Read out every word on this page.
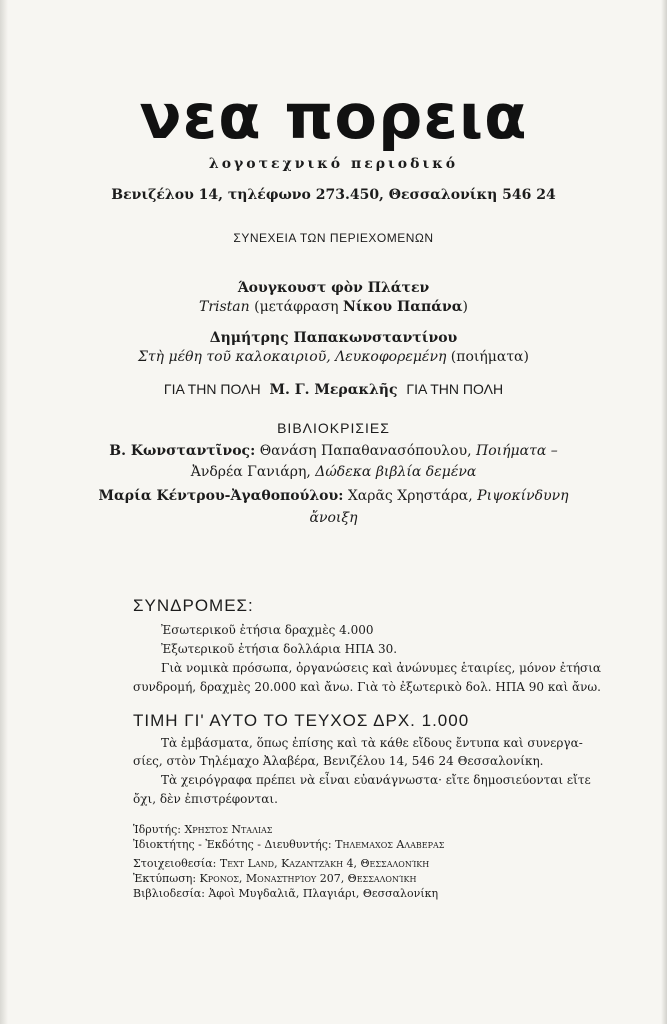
νεα πορεια
λογοτεχνικό περιοδικό
Βενιζέλου 14, τηλέφωνο 273.450, Θεσσαλονίκη 546 24
ΣΥΝΕΧΕΙΑ ΤΩΝ ΠΕΡΙΕΧΟΜΕΝΩΝ
Άουγκουστ φὸν Πλάτεν
Tristan (μετάφραση Νίκου Παπάνα)
Δημήτρης Παπακωνσταντίνου
Στὴ μέθη τοῦ καλοκαιριοῦ, Λευκοφορεμένη (ποιήματα)
ΓΙΑ ΤΗΝ ΠΟΛΗ Μ. Γ. Μερακλῆς ΓΙΑ ΤΗΝ ΠΟΛΗ
ΒΙΒΛΙΟΚΡΙΣΙΕΣ
Β. Κωνσταντῖνος: Θανάση Παπαθανασόπουλου, Ποιήματα –
Ἀνδρέα Γανιάρη, Δώδεκα βιβλία δεμένα
Μαρία Κέντρου-Ἀγαθοπούλου: Χαρᾶς Χρηστάρα, Ριψοκίνδυνη
ἄνοιξη
ΣΥΝΔΡΟΜΕΣ:
Ἐσωτερικοῦ ἐτήσια δραχμὲς 4.000
Ἐξωτερικοῦ ἐτήσια δολλάρια ΗΠΑ 30.
Γιὰ νομικὰ πρόσωπα, ὀργανώσεις καὶ ἀνώνυμες ἑταιρίες, μόνον ἐτήσια
συνδρομή, δραχμὲς 20.000 καὶ ἄνω. Γιὰ τὸ ἐξωτερικὸ δολ. ΗΠΑ 90 καὶ ἄνω.
ΤΙΜΗ ΓΙ' ΑΥΤΟ ΤΟ ΤΕΥΧΟΣ ΔΡΧ. 1.000
Τὰ ἐμβάσματα, ὅπως ἐπίσης καὶ τὰ κάθε εἴδους ἔντυπα καὶ συνεργα-
σίες, στὸν Τηλέμαχο Ἀλαβέρα, Βενιζέλου 14, 546 24 Θεσσαλονίκη.
Τὰ χειρόγραφα πρέπει νὰ εἶναι εὐανάγνωστα· εἴτε δημοσιεύονται εἴτε
ὄχι, δὲν ἐπιστρέφονται.
Ἱδρυτής: Χρηστος Νταλιας
Ἰδιοκτήτης - Ἐκδότης - Διευθυντής: Τηλεμαχος Αλαβερας
Στοιχειοθεσία: Text Land, Καζαντζάκη 4, Θεσσαλονίκη
Ἐκτύπωση: Κρονος, Μοναστηρίου 207, Θεσσαλονίκη
Βιβλιοδεσία: Ἀφοὶ Μυγδαλιᾶ, Πλαγιάρι, Θεσσαλονίκη
